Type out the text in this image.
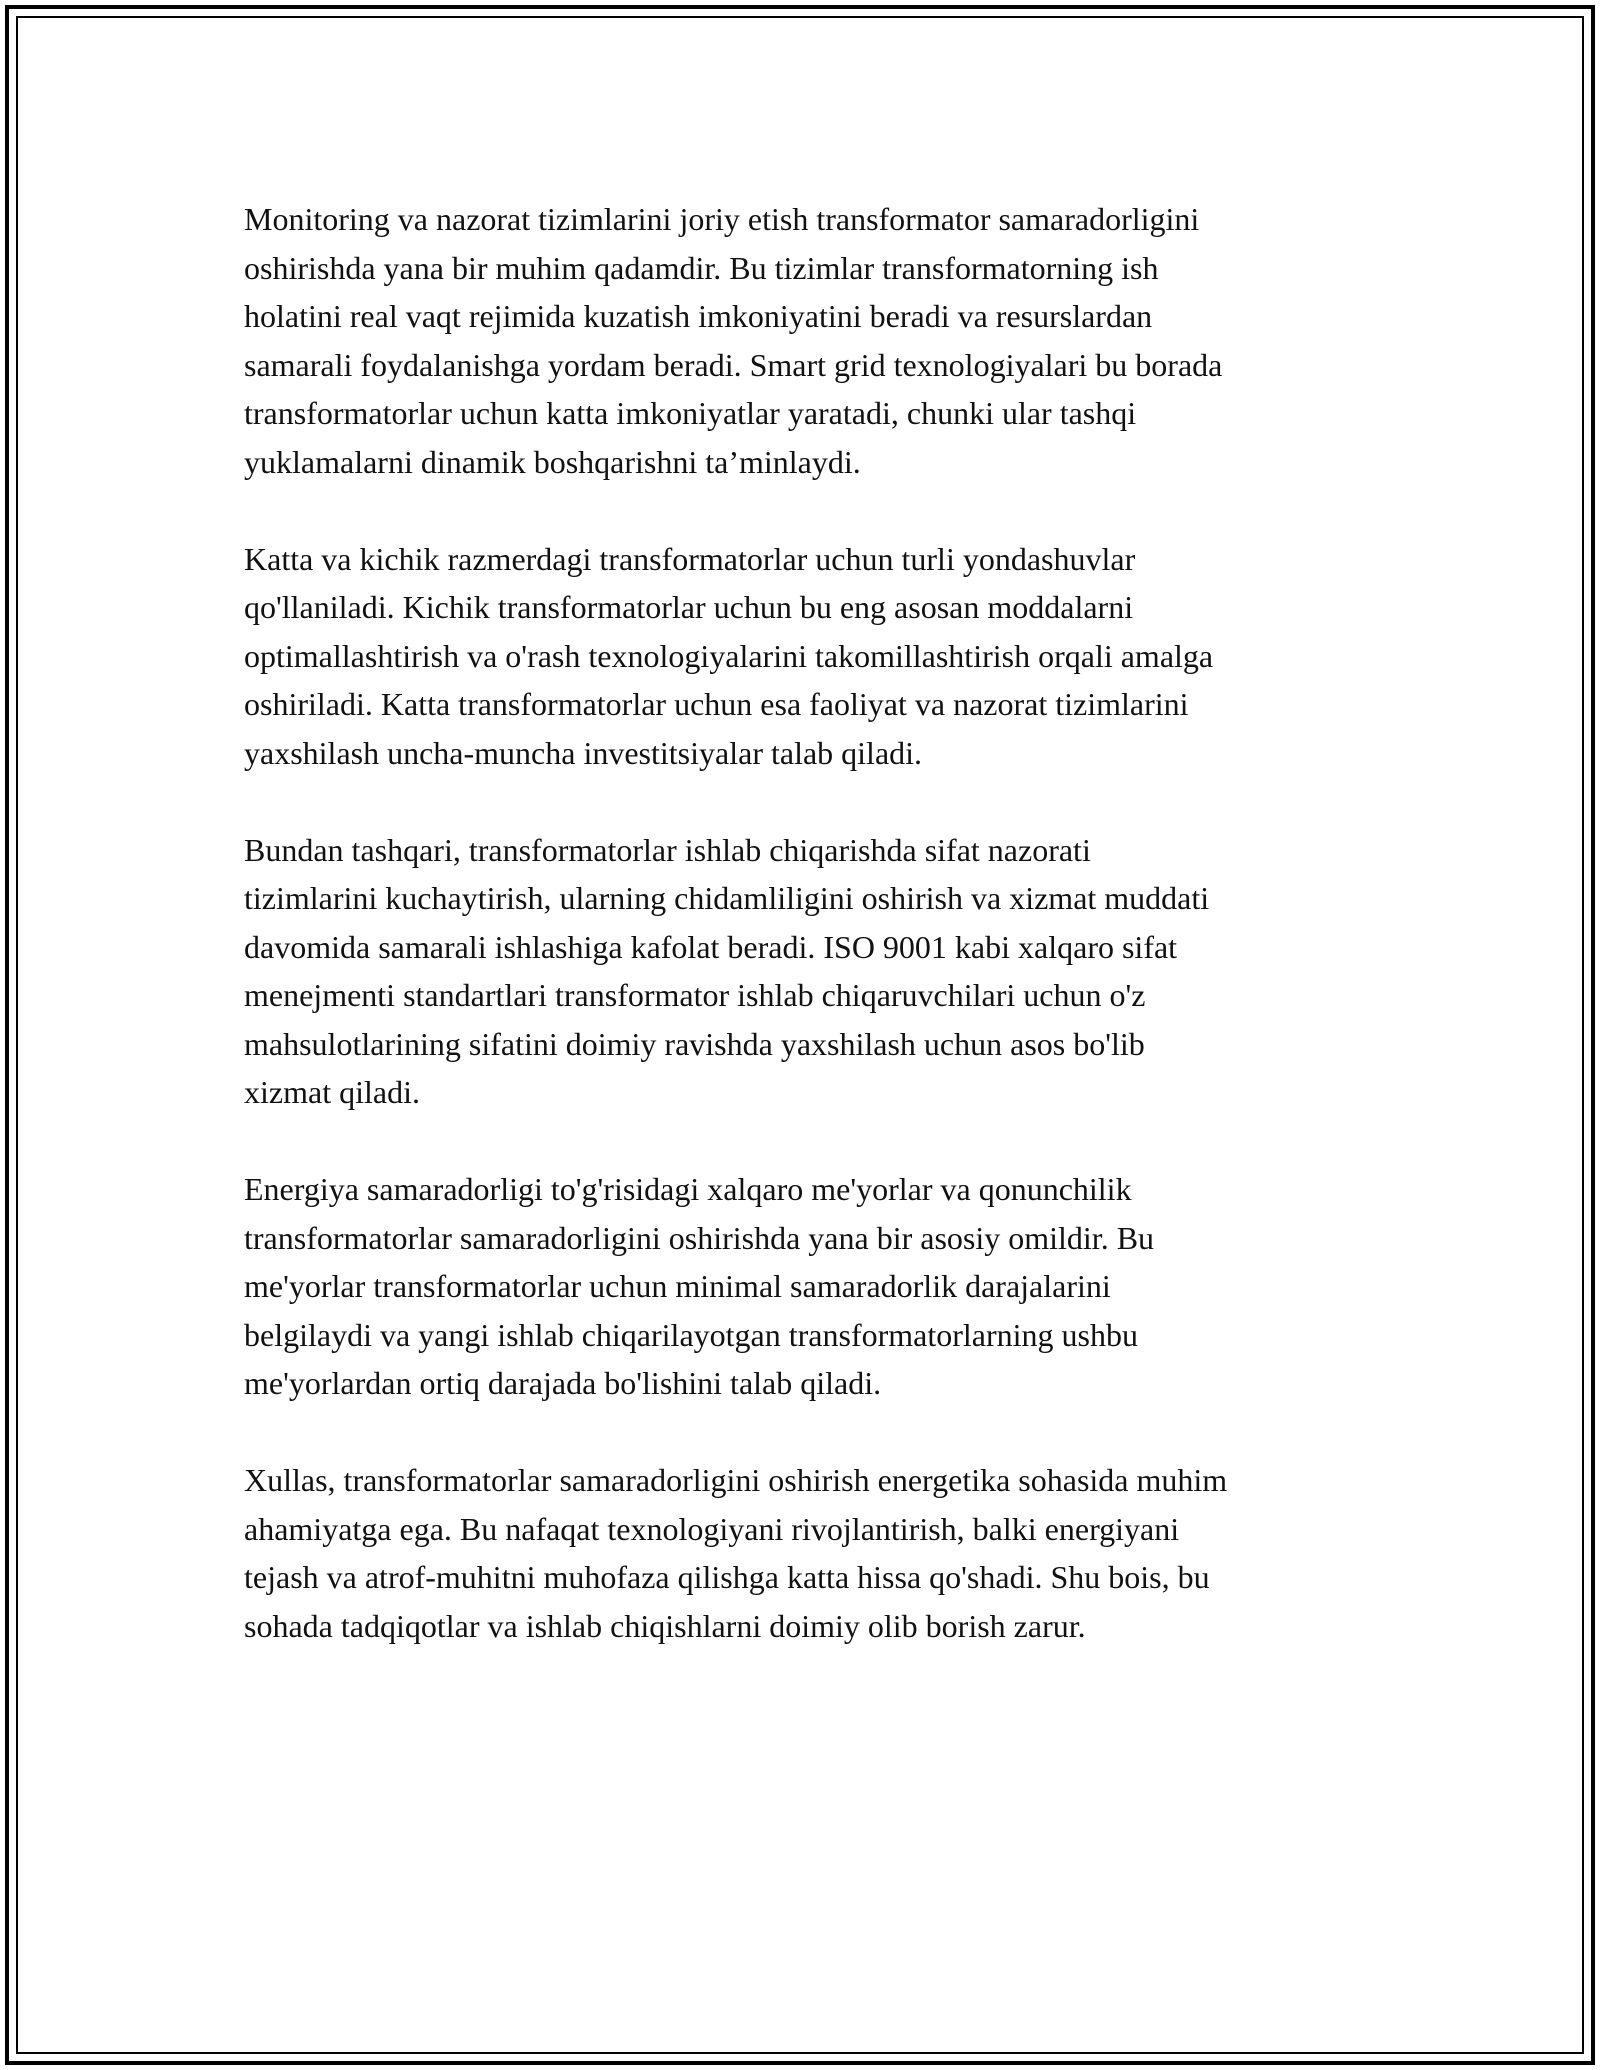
Monitoring va nazorat tizimlarini joriy etish transformator samaradorligini
oshirishda yana bir muhim qadamdir. Bu tizimlar transformatorning ish
holatini real vaqt rejimida kuzatish imkoniyatini beradi va resurslardan
samarali foydalanishga yordam beradi. Smart grid texnologiyalari bu borada
transformatorlar uchun katta imkoniyatlar yaratadi, chunki ular tashqi
yuklamalarni dinamik boshqarishni ta’minlaydi.

Katta va kichik razmerdagi transformatorlar uchun turli yondashuvlar
qo'llaniladi. Kichik transformatorlar uchun bu eng asosan moddalarni
optimallashtirish va o'rash texnologiyalarini takomillashtirish orqali amalga
oshiriladi. Katta transformatorlar uchun esa faoliyat va nazorat tizimlarini
yaxshilash uncha-muncha investitsiyalar talab qiladi.

Bundan tashqari, transformatorlar ishlab chiqarishda sifat nazorati
tizimlarini kuchaytirish, ularning chidamliligini oshirish va xizmat muddati
davomida samarali ishlashiga kafolat beradi. ISO 9001 kabi xalqaro sifat
menejmenti standartlari transformator ishlab chiqaruvchilari uchun o'z
mahsulotlarining sifatini doimiy ravishda yaxshilash uchun asos bo'lib
xizmat qiladi.

Energiya samaradorligi to'g'risidagi xalqaro me'yorlar va qonunchilik
transformatorlar samaradorligini oshirishda yana bir asosiy omildir. Bu
me'yorlar transformatorlar uchun minimal samaradorlik darajalarini
belgilaydi va yangi ishlab chiqarilayotgan transformatorlarning ushbu
me'yorlardan ortiq darajada bo'lishini talab qiladi.

Xullas, transformatorlar samaradorligini oshirish energetika sohasida muhim
ahamiyatga ega. Bu nafaqat texnologiyani rivojlantirish, balki energiyani
tejash va atrof-muhitni muhofaza qilishga katta hissa qo'shadi. Shu bois, bu
sohada tadqiqotlar va ishlab chiqishlarni doimiy olib borish zarur.
